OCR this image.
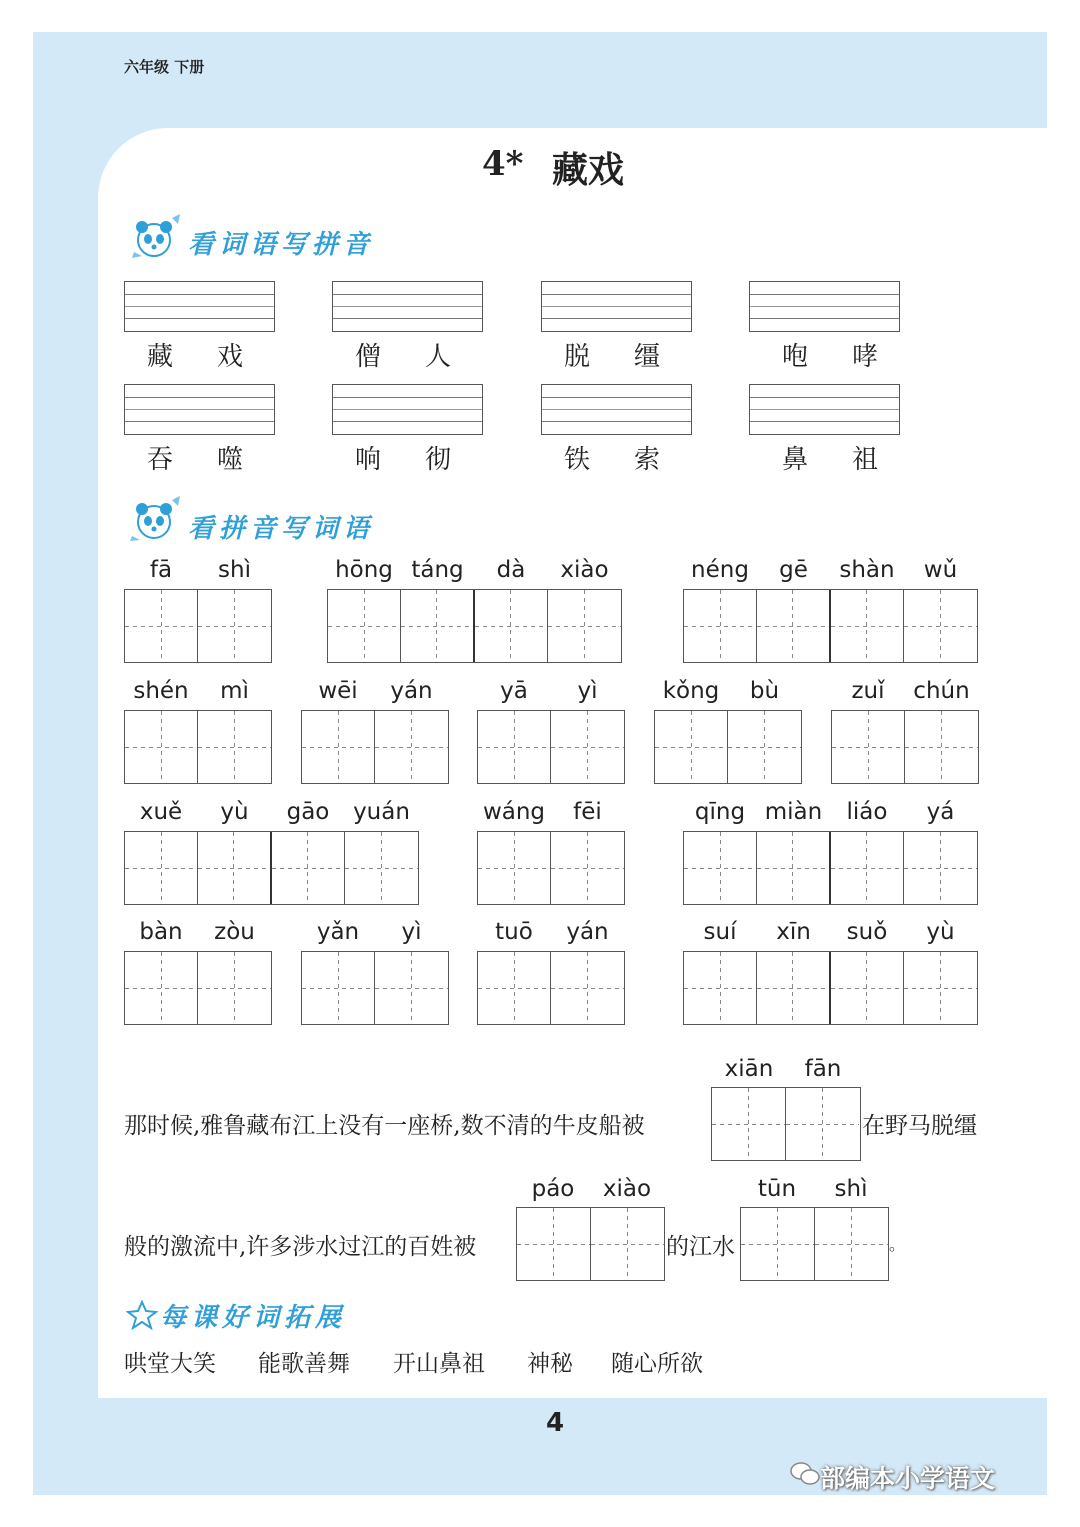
六年级 下册
4* 藏戏
看词语写拼音
藏	戏	僧	人	脱	缰	咆	哮
吞	噬	响	彻	铁	索	鼻	祖
看拼音写词语
fā	shì	hōng táng	dà	xiào	néng	gē	shàn	wǔ
shén	mì	wēi	yán	yā	yì	kǒng	bù	zuǐ	chún
xuě	yù	gāo	yuán	wáng	fēi	qīng miàn	liáo	yá
bàn	zòu	yǎn	yì	tuō	yán	suí	xīn	suǒ	yù
那时候,雅鲁藏布江上没有一座桥,数不清的牛皮船被
xiān	fān
在野马脱缰
般的激流中,许多涉水过江的百姓被
páo	xiào
的江水
tūn	shì
。
每课好词拓展
哄堂大笑 能歌善舞 开山鼻祖 神秘 随心所欲
4
部编本小学语文
